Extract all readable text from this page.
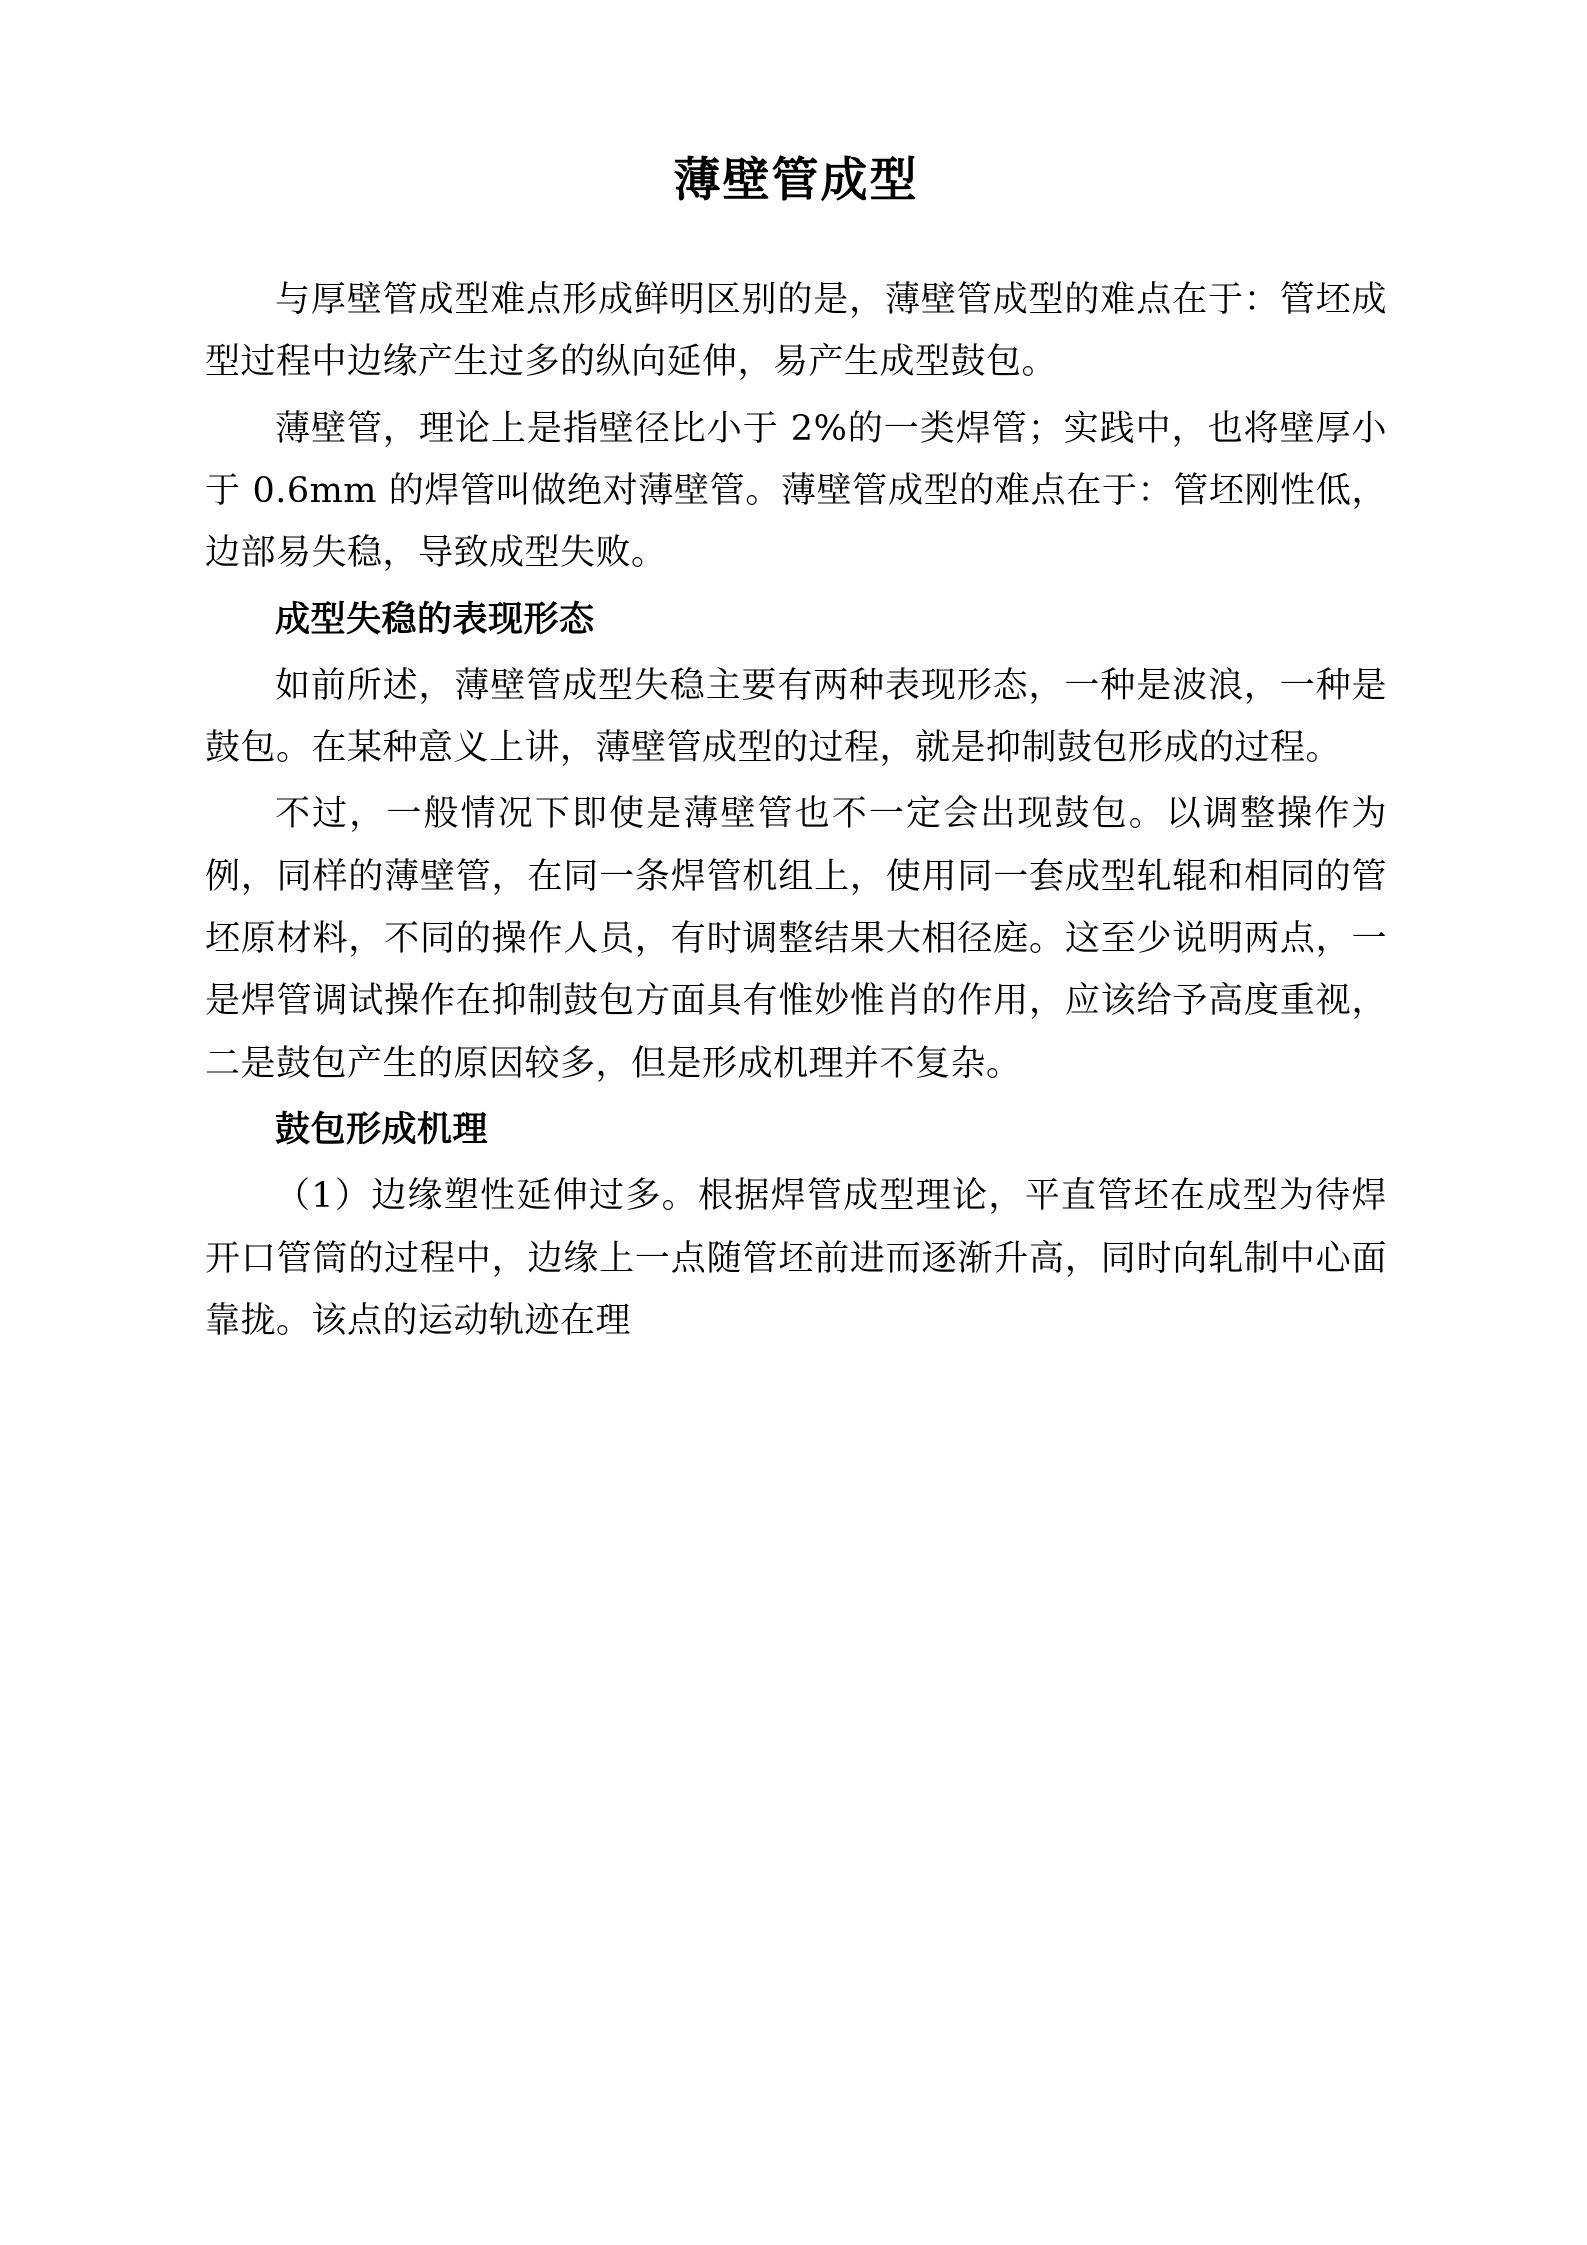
薄壁管成型

与厚壁管成型难点形成鲜明区别的是，薄壁管成型的难点在于：管坯成型过程中边缘产生过多的纵向延伸，易产生成型鼓包。

薄壁管，理论上是指壁径比小于 2%的一类焊管；实践中，也将壁厚小于 0.6mm 的焊管叫做绝对薄壁管。薄壁管成型的难点在于：管坯刚性低，边部易失稳，导致成型失败。

成型失稳的表现形态

如前所述，薄壁管成型失稳主要有两种表现形态，一种是波浪，一种是鼓包。在某种意义上讲，薄壁管成型的过程，就是抑制鼓包形成的过程。

不过，一般情况下即使是薄壁管也不一定会出现鼓包。以调整操作为例，同样的薄壁管，在同一条焊管机组上，使用同一套成型轧辊和相同的管坯原材料，不同的操作人员，有时调整结果大相径庭。这至少说明两点，一是焊管调试操作在抑制鼓包方面具有惟妙惟肖的作用，应该给予高度重视，二是鼓包产生的原因较多，但是形成机理并不复杂。

鼓包形成机理

（1）边缘塑性延伸过多。根据焊管成型理论，平直管坯在成型为待焊开口管筒的过程中，边缘上一点随管坯前进而逐渐升高，同时向轧制中心面靠拢。该点的运动轨迹在理
